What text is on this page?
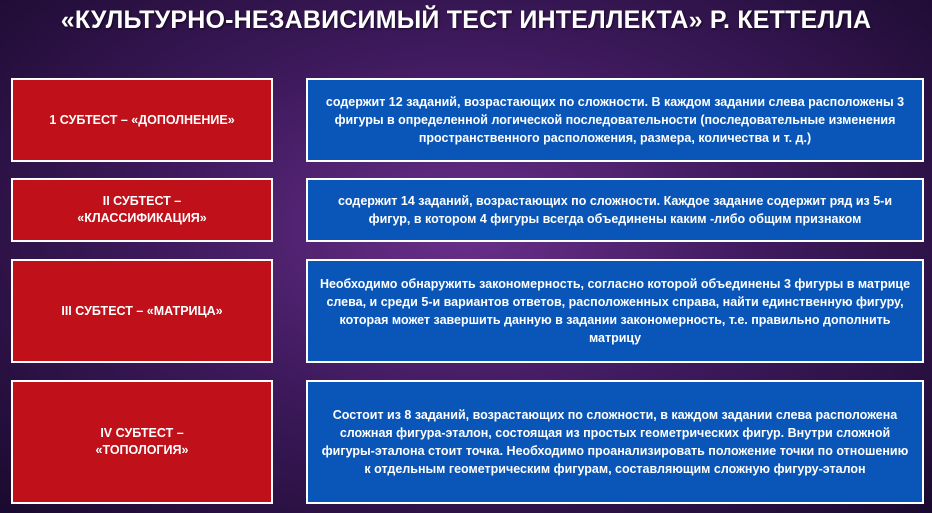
«КУЛЬТУРНО-НЕЗАВИСИМЫЙ ТЕСТ ИНТЕЛЛЕКТА» Р. КЕТТЕЛЛА
1 СУБТЕСТ – «ДОПОЛНЕНИЕ»
содержит 12 заданий, возрастающих по сложности. В каждом задании слева расположены 3 фигуры в определенной логической последовательности (последовательные изменения пространственного расположения, размера, количества и т. д.)
II СУБТЕСТ –
«КЛАССИФИКАЦИЯ»
содержит 14 заданий, возрастающих по сложности. Каждое задание содержит ряд из 5-и фигур, в котором 4 фигуры всегда объединены каким -либо общим признаком
III СУБТЕСТ – «МАТРИЦА»
Необходимо обнаружить закономерность, согласно которой объединены 3 фигуры в матрице слева, и среди 5-и вариантов ответов, расположенных справа, найти единственную фигуру, которая может завершить данную в задании закономерность, т.е. правильно дополнить матрицу
IV СУБТЕСТ –
«ТОПОЛОГИЯ»
Состоит из 8 заданий, возрастающих по сложности, в каждом задании слева расположена сложная фигура-эталон, состоящая из простых геометрических фигур. Внутри сложной фигуры-эталона стоит точка. Необходимо проанализировать положение точки по отношению к отдельным геометрическим фигурам, составляющим сложную фигуру-эталон
